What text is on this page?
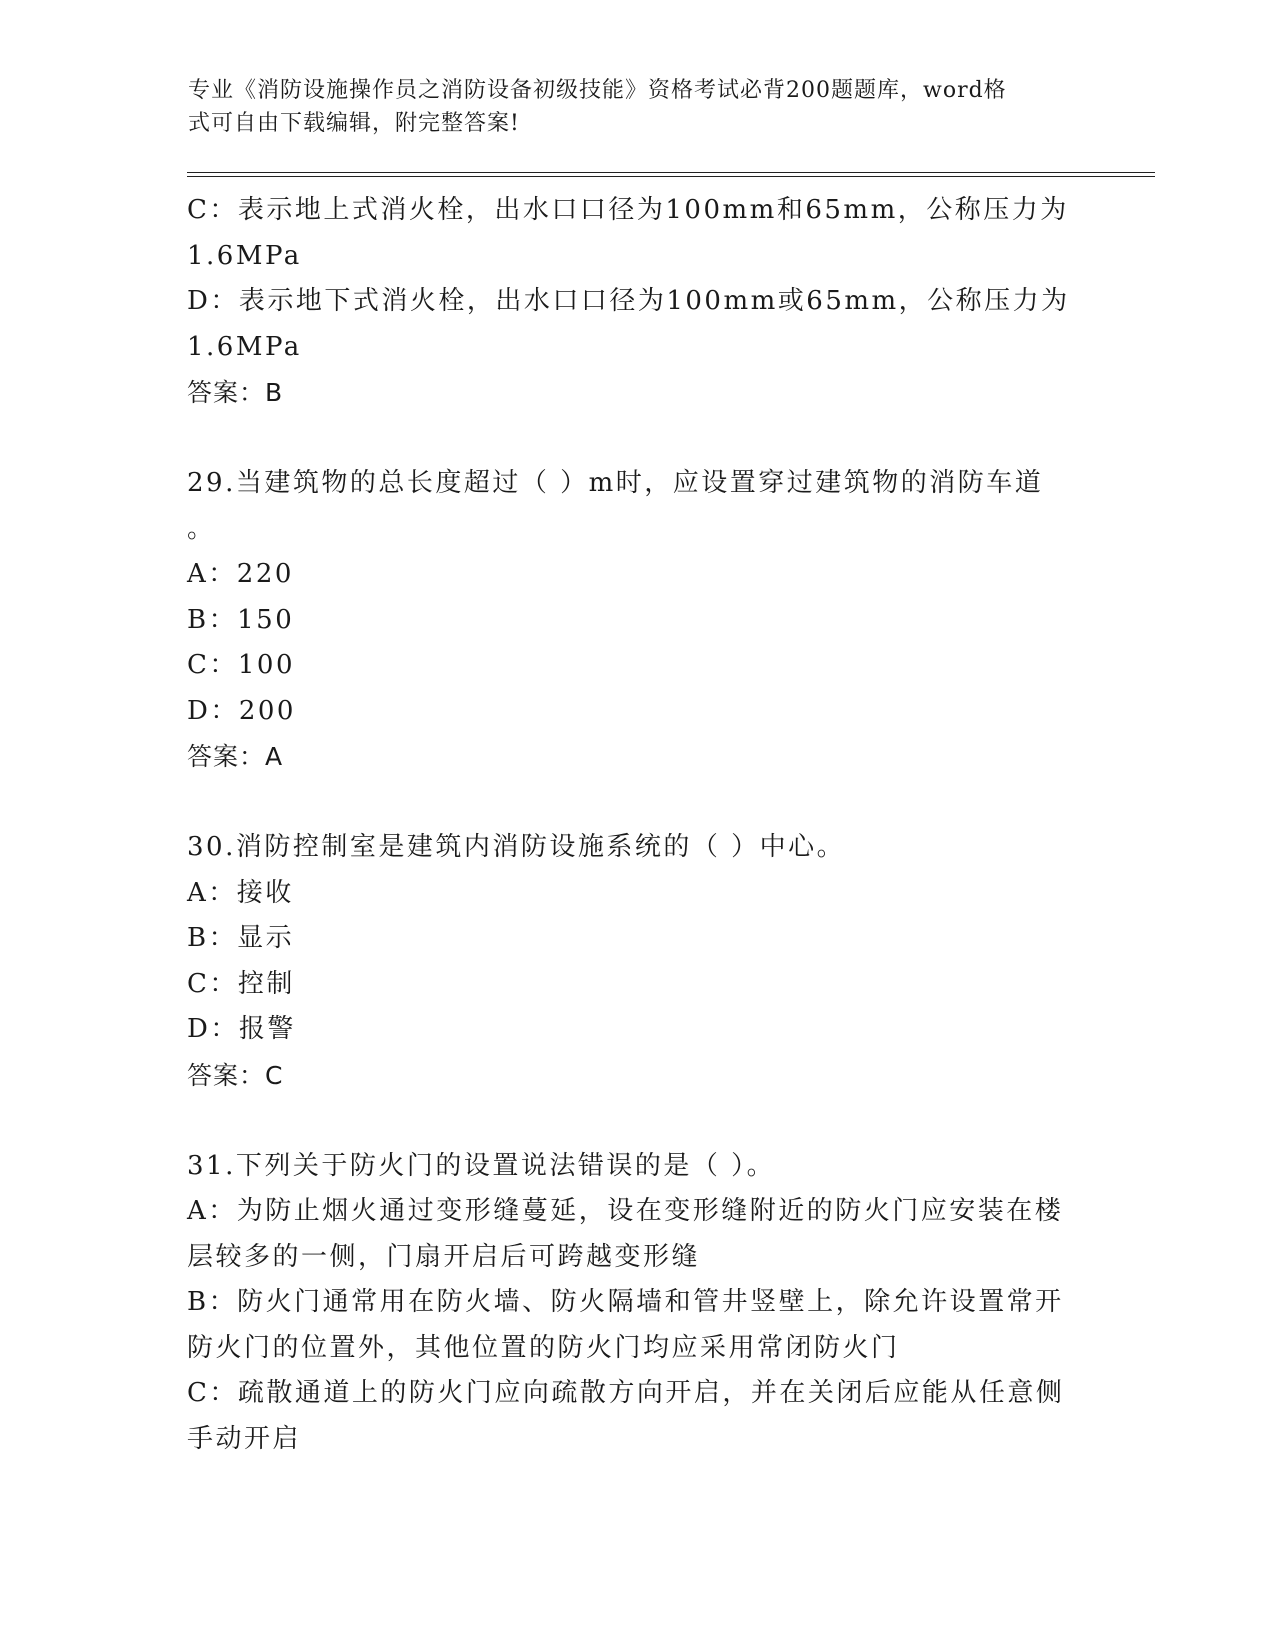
专业《消防设施操作员之消防设备初级技能》资格考试必背200题题库，word格
式可自由下载编辑，附完整答案!
C：表示地上式消火栓，出水口口径为100mm和65mm，公称压力为
1.6MPa
D：表示地下式消火栓，出水口口径为100mm或65mm，公称压力为
1.6MPa
答案：B
29.当建筑物的总长度超过（ ）m时，应设置穿过建筑物的消防车道
。
A：220
B：150
C：100
D：200
答案：A
30.消防控制室是建筑内消防设施系统的（ ）中心。
A：接收
B：显示
C：控制
D：报警
答案：C
31.下列关于防火门的设置说法错误的是（ ）。
A：为防止烟火通过变形缝蔓延，设在变形缝附近的防火门应安装在楼
层较多的一侧，门扇开启后可跨越变形缝
B：防火门通常用在防火墙、防火隔墙和管井竖壁上，除允许设置常开
防火门的位置外，其他位置的防火门均应采用常闭防火门
C：疏散通道上的防火门应向疏散方向开启，并在关闭后应能从任意侧
手动开启
